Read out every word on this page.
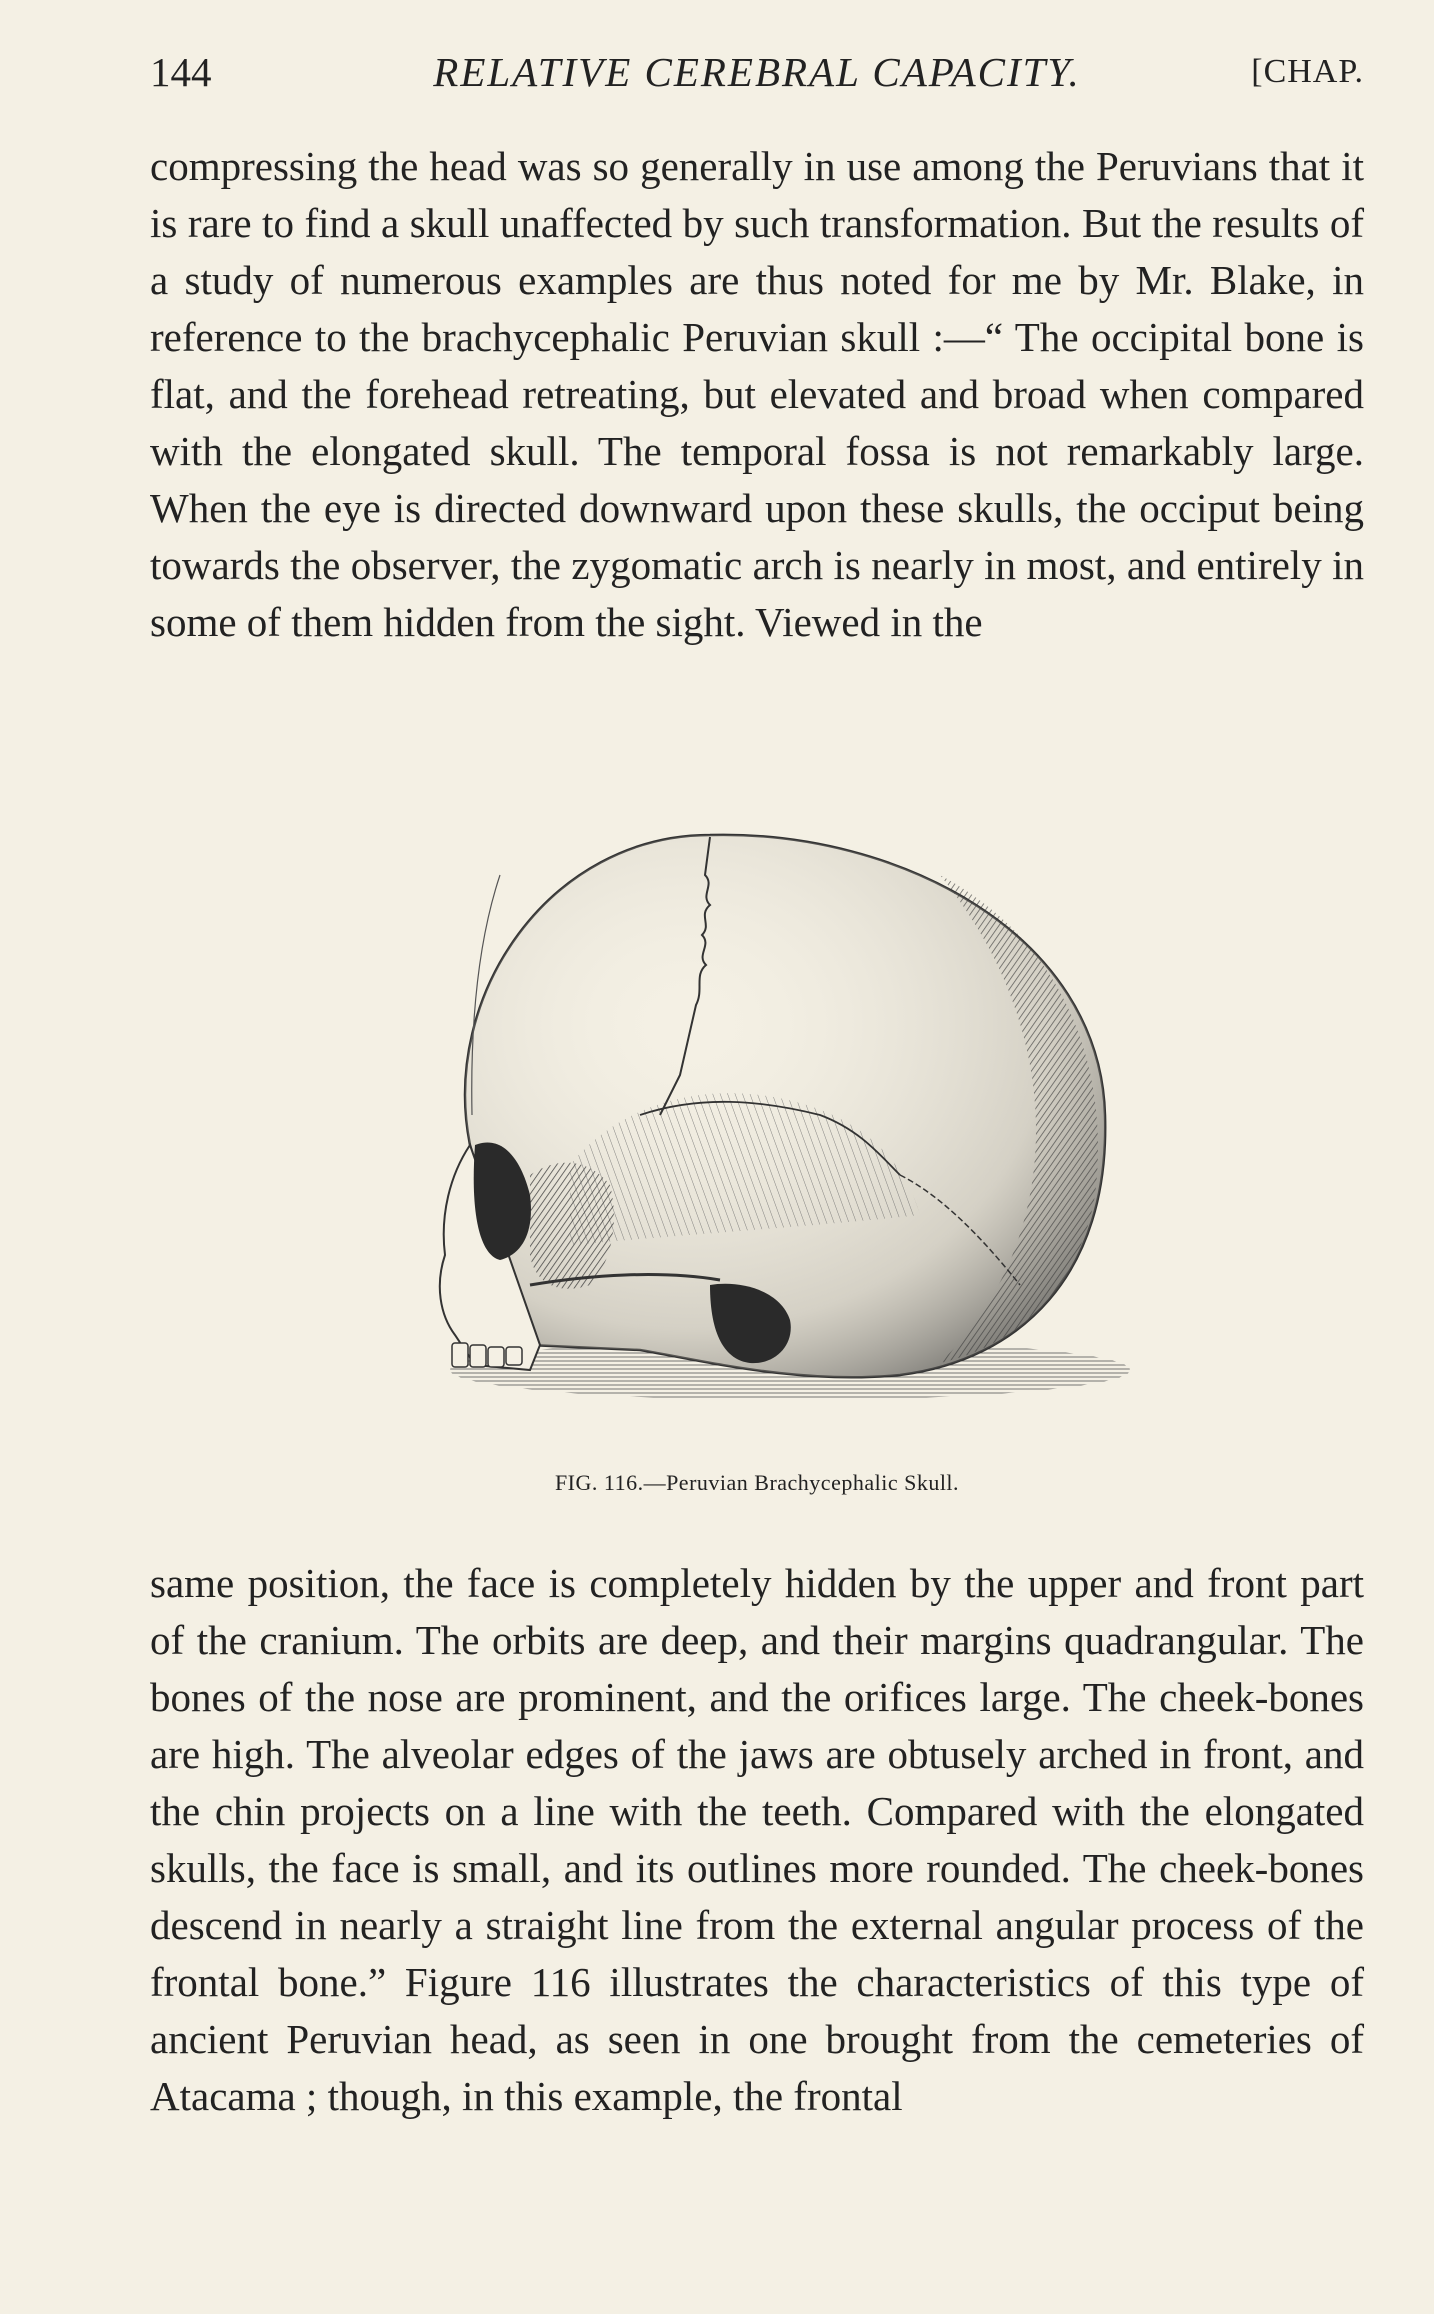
144	RELATIVE CEREBRAL CAPACITY.	[CHAP.

compressing the head was so generally in use among the Peruvians that it is rare to find a skull unaffected by such transformation. But the results of a study of numerous examples are thus noted for me by Mr. Blake, in reference to the brachycephalic Peruvian skull :—“ The occipital bone is flat, and the forehead retreating, but elevated and broad when compared with the elongated skull. The temporal fossa is not remarkably large. When the eye is directed downward upon these skulls, the occiput being towards the observer, the zygomatic arch is nearly in most, and entirely in some of them hidden from the sight. Viewed in the

FIG. 116.—Peruvian Brachycephalic Skull.

same position, the face is completely hidden by the upper and front part of the cranium. The orbits are deep, and their margins quadrangular. The bones of the nose are prominent, and the orifices large. The cheek-bones are high. The alveolar edges of the jaws are obtusely arched in front, and the chin projects on a line with the teeth. Compared with the elongated skulls, the face is small, and its outlines more rounded. The cheek-bones descend in nearly a straight line from the external angular process of the frontal bone.” Figure 116 illustrates the characteristics of this type of ancient Peruvian head, as seen in one brought from the cemeteries of Atacama ; though, in this example, the frontal
